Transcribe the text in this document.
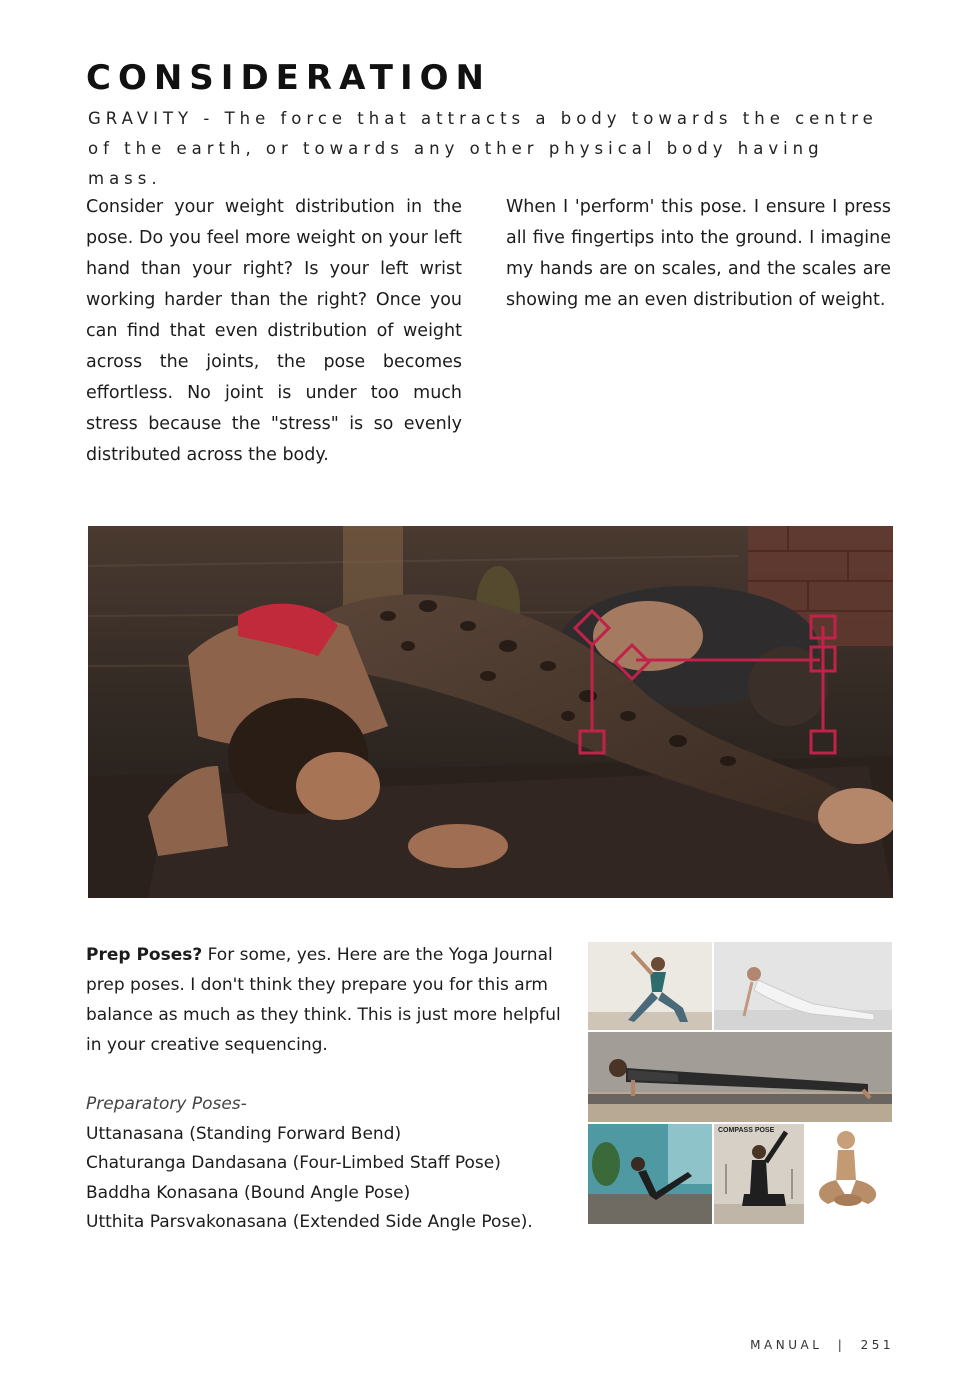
CONSIDERATION
GRAVITY - The force that attracts a body towards the centre of the earth, or towards any other physical body having mass.
Consider your weight distribution in the pose. Do you feel more weight on your left hand than your right? Is your left wrist working harder than the right? Once you can find that even distribution of weight across the joints, the pose becomes effortless. No joint is under too much stress because the "stress" is so evenly distributed across the body.
When I 'perform' this pose. I ensure I press all five fingertips into the ground. I imagine my hands are on scales, and the scales are showing me an even distribution of weight.
Prep Poses? For some, yes. Here are the Yoga Journal prep poses. I don't think they prepare you for this arm balance as much as they think. This is just more helpful in your creative sequencing.
Preparatory Poses-
Uttanasana (Standing Forward Bend)
Chaturanga Dandasana (Four-Limbed Staff Pose)
Baddha Konasana (Bound Angle Pose)
Utthita Parsvakonasana (Extended Side Angle Pose).
COMPASS POSE
MANUAL | 251
